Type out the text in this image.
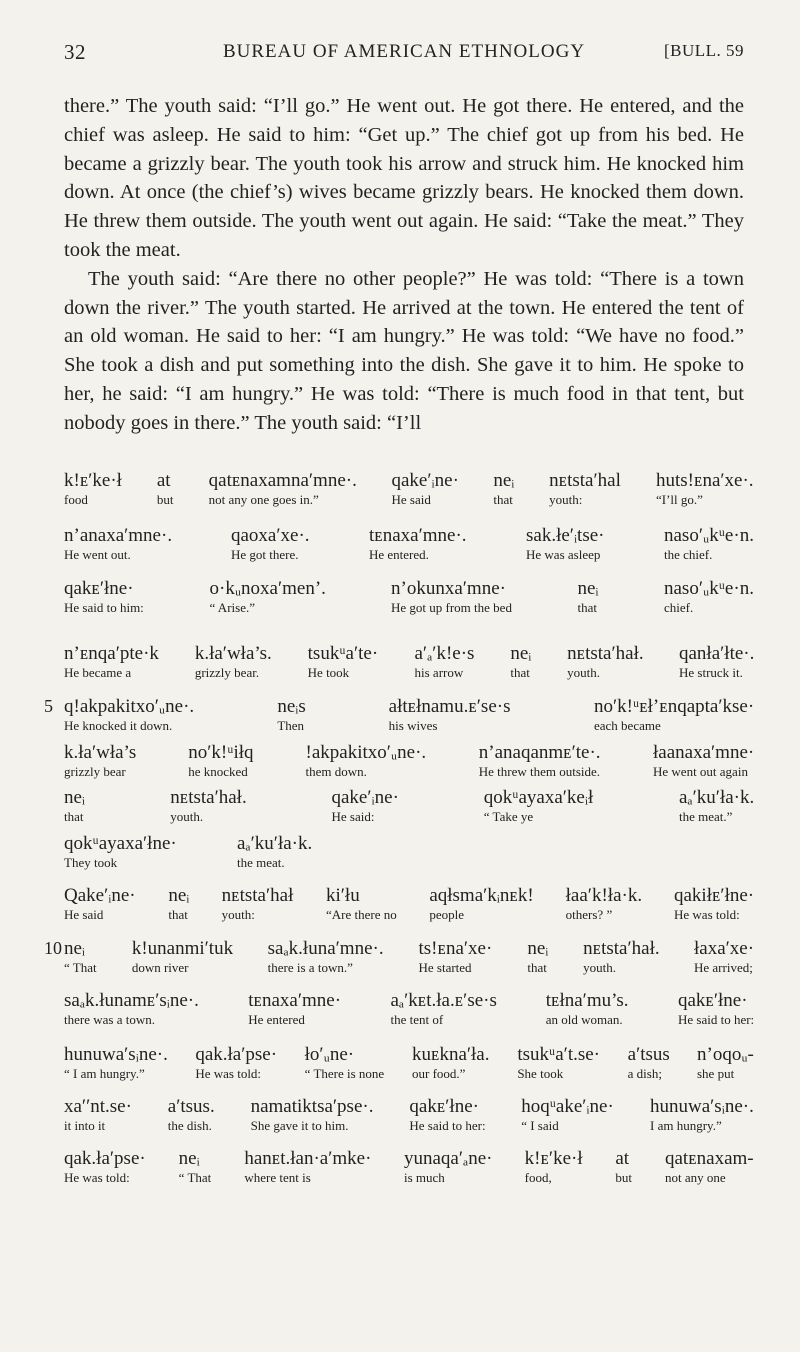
32	BUREAU OF AMERICAN ETHNOLOGY	[BULL. 59

there.” The youth said: “I’ll go.” He went out. He got there. He entered, and the chief was asleep. He said to him: “Get up.” The chief got up from his bed. He became a grizzly bear. The youth took his arrow and struck him. He knocked him down. At once (the chief’s) wives became grizzly bears. He knocked them down. He threw them outside. The youth went out again. He said: “Take the meat.” They took the meat.

The youth said: “Are there no other people?” He was told: “There is a town down the river.” The youth started. He arrived at the town. He entered the tent of an old woman. He said to her: “I am hungry.” He was told: “We have no food.” She took a dish and put something into the dish. She gave it to him. He spoke to her, he said: “I am hungry.” He was told: “There is much food in that tent, but nobody goes in there.” The youth said: “I’ll

k!ᴇ′ke·ł
food
at
but
qatᴇnaxamna′mne·.
not any one goes in.”
qake′ᵢne·
He said
neᵢ
that
nᴇtsta′hal
youth:
huts!ᴇna′xe·.
“I’ll go.”
n’anaxa′mne·.
He went out.
qaoxa′xe·.
He got there.
tᴇnaxa′mne·.
He entered.
sak.łe′ᵢtse·
He was asleep
naso′ᵤkᵘe·n.
the chief.
qakᴇ′łne·
He said to him:
o·kᵤnoxa′men’.
“ Arise.”
n’okunxa′mne·
He got up from the bed
neᵢ
that
naso′ᵤkᵘe·n.
chief.
n’ᴇnqa′pte·k
He became a
k.ła′wła’s.
grizzly bear.
tsukᵘa′te·
He took
a′ₐ′k!e·s
his arrow
neᵢ
that
nᴇtsta′hał.
youth.
qanła′łte·.
He struck it.
q!akpakitxo′ᵤne·.
He knocked it down.
neᵢs
Then
ałtᴇłnamu.ᴇ′se·s
his wives
no′k!ᵘᴇł’ᴇnqapta′kse·
each became
k.ła′wła’s
grizzly bear
no′k!ᵘiłq
he knocked
!akpakitxo′ᵤne·.
them down.
n’anaqanmᴇ′te·.
He threw them outside.
łaanaxa′mne·
He went out again
neᵢ
that
nᴇtsta′hał.
youth.
qake′ᵢne·
He said:
qokᵘayaxa′keᵢł
“ Take ye
aₐ′ku′ła·k.
the meat.”
qokᵘayaxa′łne·
They took
aₐ′ku′ła·k.
the meat.
Qake′ᵢne·
He said
neᵢ
that
nᴇtsta′hał
youth:
ki′łu
“Are there no
aqłsma′kᵢnᴇk!
people
łaa′k!ła·k.
others? ”
qakiłᴇ′łne·
He was told:
neᵢ
“ That
k!unanmi′tuk
down river
saₐk.łuna′mne·.
there is a town.”
ts!ᴇna′xe·
He started
neᵢ
that
nᴇtsta′hał.
youth.
łaxa′xe·
He arrived;
saₐk.łunamᴇ′sᵢne·.
there was a town.
tᴇnaxa′mne·
He entered
aₐ′kᴇt.ła.ᴇ′se·s
the tent of
tᴇłna′mu’s.
an old woman.
qakᴇ′łne·
He said to her:
hunuwa′sᵢne·.
“ I am hungry.”
qak.ła′pse·
He was told:
ło′ᵤne·
“ There is none
kuᴇkna′ła.
our food.”
tsukᵘa′t.se·
She took
a′tsus
a dish;
n’oqoᵤ-
she put
xa′′nt.se·
it into it
a′tsus.
the dish.
namatiktsa′pse·.
She gave it to him.
qakᴇ′łne·
He said to her:
hoqᵘake′ᵢne·
“ I said
hunuwa′sᵢne·.
I am hungry.”
qak.ła′pse·
He was told:
neᵢ
“ That
hanᴇt.łan·a′mke·
where tent is
yunaqa′ₐne·
is much
k!ᴇ′ke·ł
food,
at
but
qatᴇnaxam-
not any one
5
10
